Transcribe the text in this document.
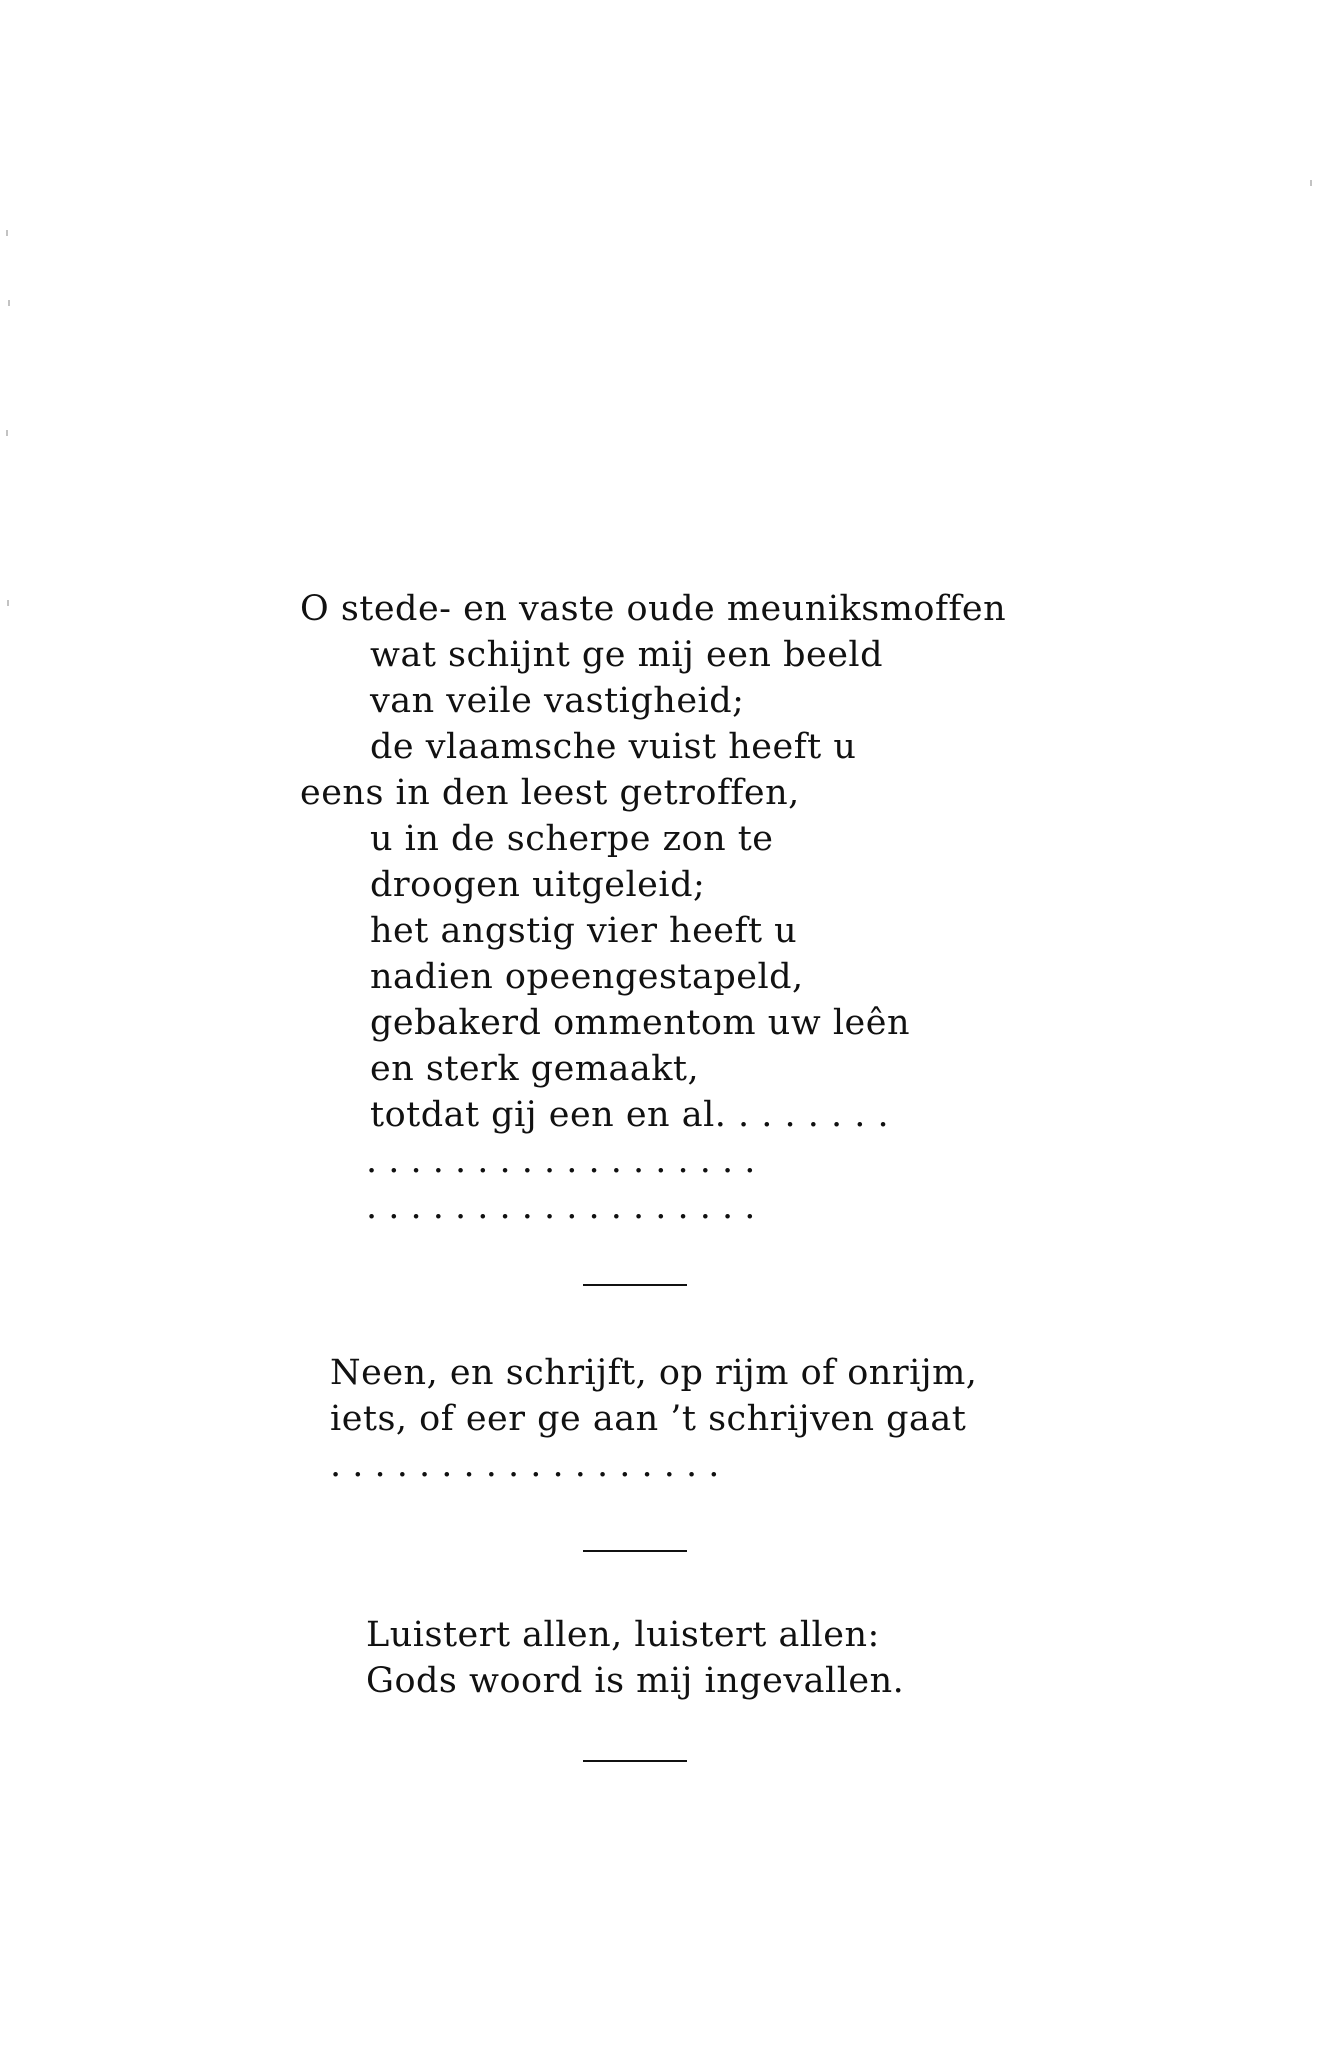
O stede- en vaste oude meuniksmoffen
wat schijnt ge mij een beeld
van veile vastigheid;
de vlaamsche vuist heeft u
eens in den leest getroffen,
u in de scherpe zon te
droogen uitgeleid;
het angstig vier heeft u
nadien opeengestapeld,
gebakerd ommentom uw leên
en sterk gemaakt,
totdat gij een en al. . . . . . . .
. . . . . . . . . . . . . . . . . .
. . . . . . . . . . . . . . . . . .
Neen, en schrijft, op rijm of onrijm,
iets, of eer ge aan ’t schrijven gaat
. . . . . . . . . . . . . . . . . .
Luistert allen, luistert allen:
Gods woord is mij ingevallen.
